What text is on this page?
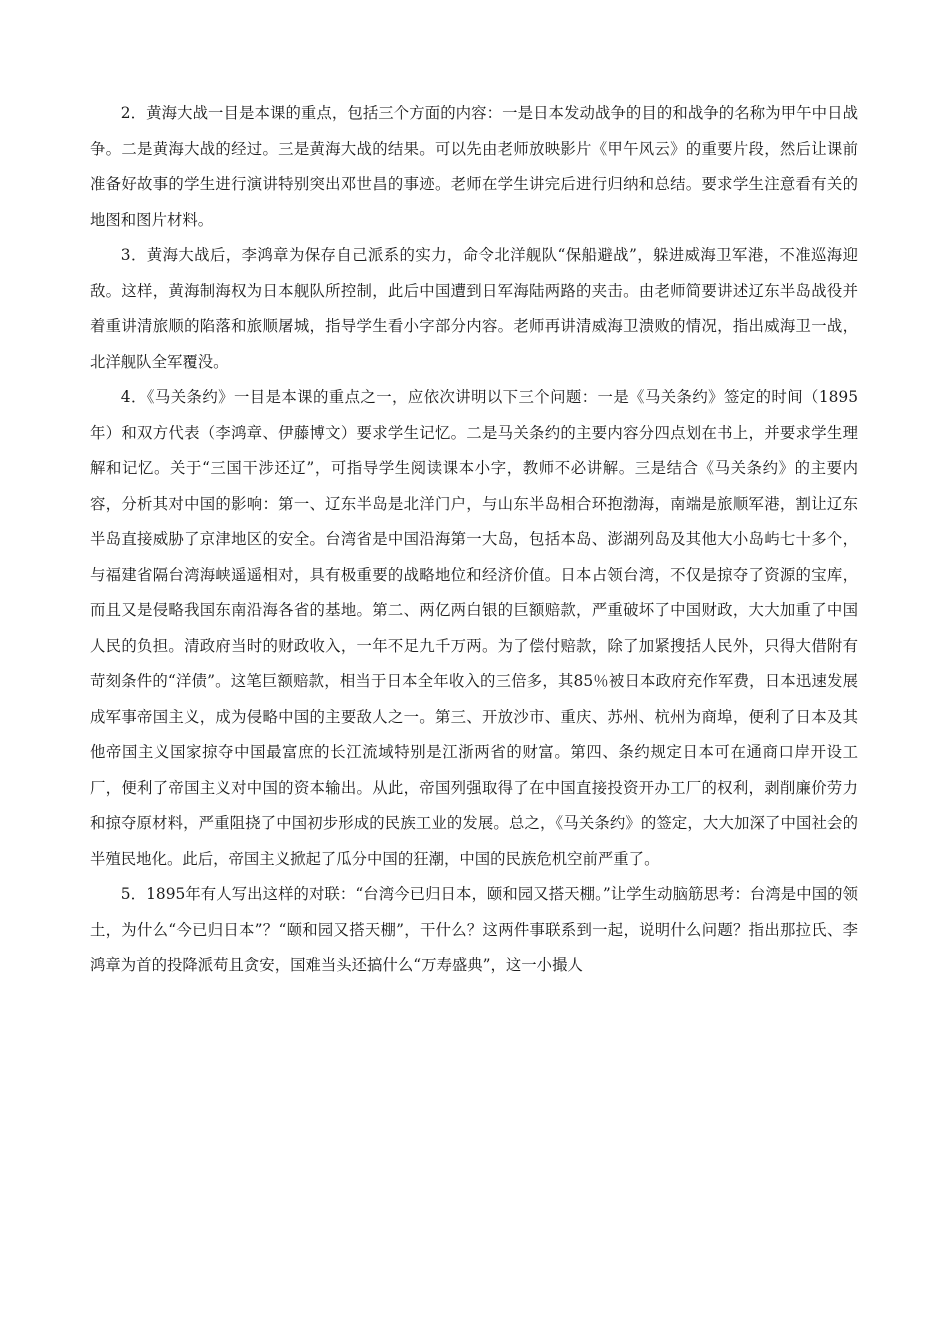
2．黄海大战一目是本课的重点，包括三个方面的内容：一是日本发动战争的目的和战争的名称为甲午中日战争。二是黄海大战的经过。三是黄海大战的结果。可以先由老师放映影片《甲午风云》的重要片段，然后让课前准备好故事的学生进行演讲特别突出邓世昌的事迹。老师在学生讲完后进行归纳和总结。要求学生注意看有关的地图和图片材料。

3．黄海大战后，李鸿章为保存自己派系的实力，命令北洋舰队“保船避战”，躲进威海卫军港，不准巡海迎敌。这样，黄海制海权为日本舰队所控制，此后中国遭到日军海陆两路的夹击。由老师简要讲述辽东半岛战役并着重讲清旅顺的陷落和旅顺屠城，指导学生看小字部分内容。老师再讲清威海卫溃败的情况，指出威海卫一战，北洋舰队全军覆没。

4．《马关条约》一目是本课的重点之一，应依次讲明以下三个问题：一是《马关条约》签定的时间（1895年）和双方代表（李鸿章、伊藤博文）要求学生记忆。二是马关条约的主要内容分四点划在书上，并要求学生理解和记忆。关于“三国干涉还辽”，可指导学生阅读课本小字，教师不必讲解。三是结合《马关条约》的主要内容，分析其对中国的影响：第一、辽东半岛是北洋门户，与山东半岛相合环抱渤海，南端是旅顺军港，割让辽东半岛直接威胁了京津地区的安全。台湾省是中国沿海第一大岛，包括本岛、澎湖列岛及其他大小岛屿七十多个，与福建省隔台湾海峡遥遥相对，具有极重要的战略地位和经济价值。日本占领台湾，不仅是掠夺了资源的宝库，而且又是侵略我国东南沿海各省的基地。第二、两亿两白银的巨额赔款，严重破坏了中国财政，大大加重了中国人民的负担。清政府当时的财政收入，一年不足九千万两。为了偿付赔款，除了加紧搜括人民外，只得大借附有苛刻条件的“洋债”。这笔巨额赔款，相当于日本全年收入的三倍多，其85％被日本政府充作军费，日本迅速发展成军事帝国主义，成为侵略中国的主要敌人之一。第三、开放沙市、重庆、苏州、杭州为商埠，便利了日本及其他帝国主义国家掠夺中国最富庶的长江流域特别是江浙两省的财富。第四、条约规定日本可在通商口岸开设工厂，便利了帝国主义对中国的资本输出。从此，帝国列强取得了在中国直接投资开办工厂的权利，剥削廉价劳力和掠夺原材料，严重阻挠了中国初步形成的民族工业的发展。总之，《马关条约》的签定，大大加深了中国社会的半殖民地化。此后，帝国主义掀起了瓜分中国的狂潮，中国的民族危机空前严重了。

5．1895年有人写出这样的对联：“台湾今已归日本，颐和园又搭天棚。”让学生动脑筋思考：台湾是中国的领土，为什么“今已归日本”？“颐和园又搭天棚”，干什么？这两件事联系到一起，说明什么问题？指出那拉氏、李鸿章为首的投降派苟且贪安，国难当头还搞什么“万寿盛典”，这一小撮人
